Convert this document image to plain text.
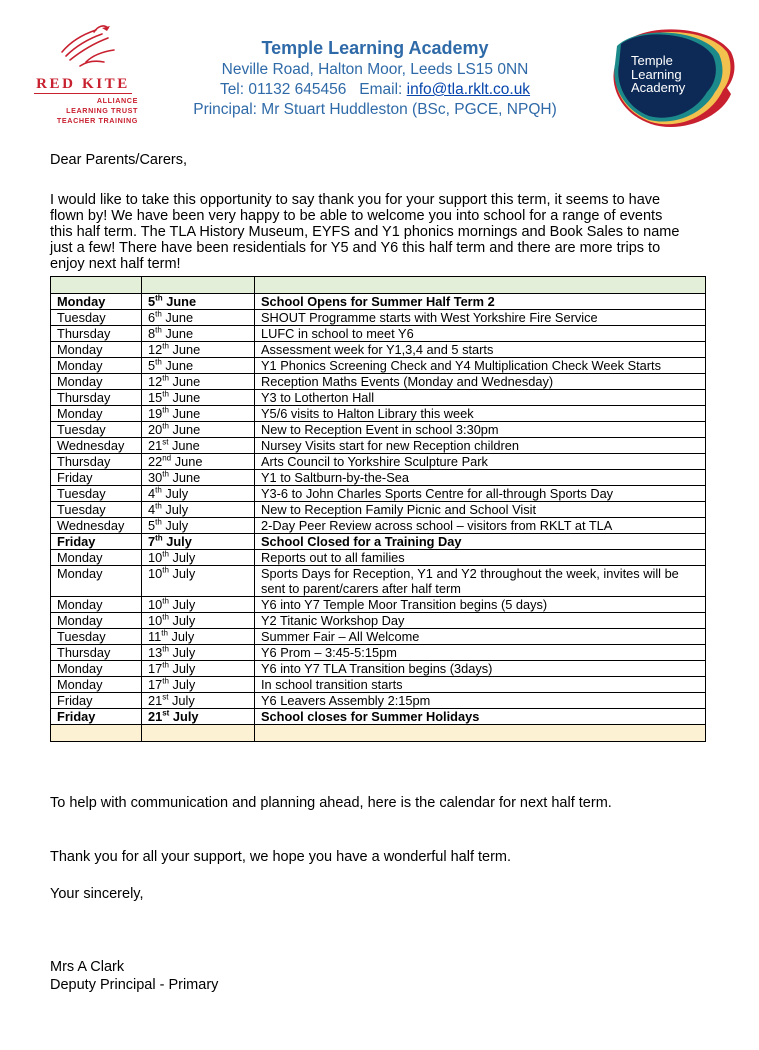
RED KITE
ALLIANCE
LEARNING TRUST
TEACHER TRAINING
Temple Learning Academy
Neville Road, Halton Moor, Leeds LS15 0NN
Tel: 01132 645456   Email: info@tla.rklt.co.uk
Principal: Mr Stuart Huddleston (BSc, PGCE, NPQH)
Temple
Learning
Academy
Dear Parents/Carers,
I would like to take this opportunity to say thank you for your support this term, it seems to have
flown by! We have been very happy to be able to welcome you into school for a range of events
this half term. The TLA History Museum, EYFS and Y1 phonics mornings and Book Sales to name
just a few! There have been residentials for Y5 and Y6 this half term and there are more trips to
enjoy next half term!

Monday	5th June	School Opens for Summer Half Term 2
Tuesday	6th June	SHOUT Programme starts with West Yorkshire Fire Service
Thursday	8th June	LUFC in school to meet Y6
Monday	12th June	Assessment week for Y1,3,4 and 5 starts
Monday	5th June	Y1 Phonics Screening Check and Y4 Multiplication Check Week Starts
Monday	12th June	Reception Maths Events (Monday and Wednesday)
Thursday	15th June	Y3 to Lotherton Hall
Monday	19th June	Y5/6 visits to Halton Library this week
Tuesday	20th June	New to Reception Event in school 3:30pm
Wednesday	21st June	Nursey Visits start for new Reception children
Thursday	22nd June	Arts Council to Yorkshire Sculpture Park
Friday	30th June	Y1 to Saltburn-by-the-Sea
Tuesday	4th July	Y3-6 to John Charles Sports Centre for all-through Sports Day
Tuesday	4th July	New to Reception Family Picnic and School Visit
Wednesday	5th July	2-Day Peer Review across school – visitors from RKLT at TLA
Friday	7th July	School Closed for a Training Day
Monday	10th July	Reports out to all families
Monday	10th July	Sports Days for Reception, Y1 and Y2 throughout the week, invites will be sent to parent/carers after half term
Monday	10th July	Y6 into Y7 Temple Moor Transition begins (5 days)
Monday	10th July	Y2 Titanic Workshop Day
Tuesday	11th July	Summer Fair – All Welcome
Thursday	13th July	Y6 Prom – 3:45-5:15pm
Monday	17th July	Y6 into Y7 TLA Transition begins (3days)
Monday	17th July	In school transition starts
Friday	21st July	Y6 Leavers Assembly 2:15pm
Friday	21st July	School closes for Summer Holidays

To help with communication and planning ahead, here is the calendar for next half term.
Thank you for all your support, we hope you have a wonderful half term.
Your sincerely,
Mrs A Clark
Deputy Principal - Primary
